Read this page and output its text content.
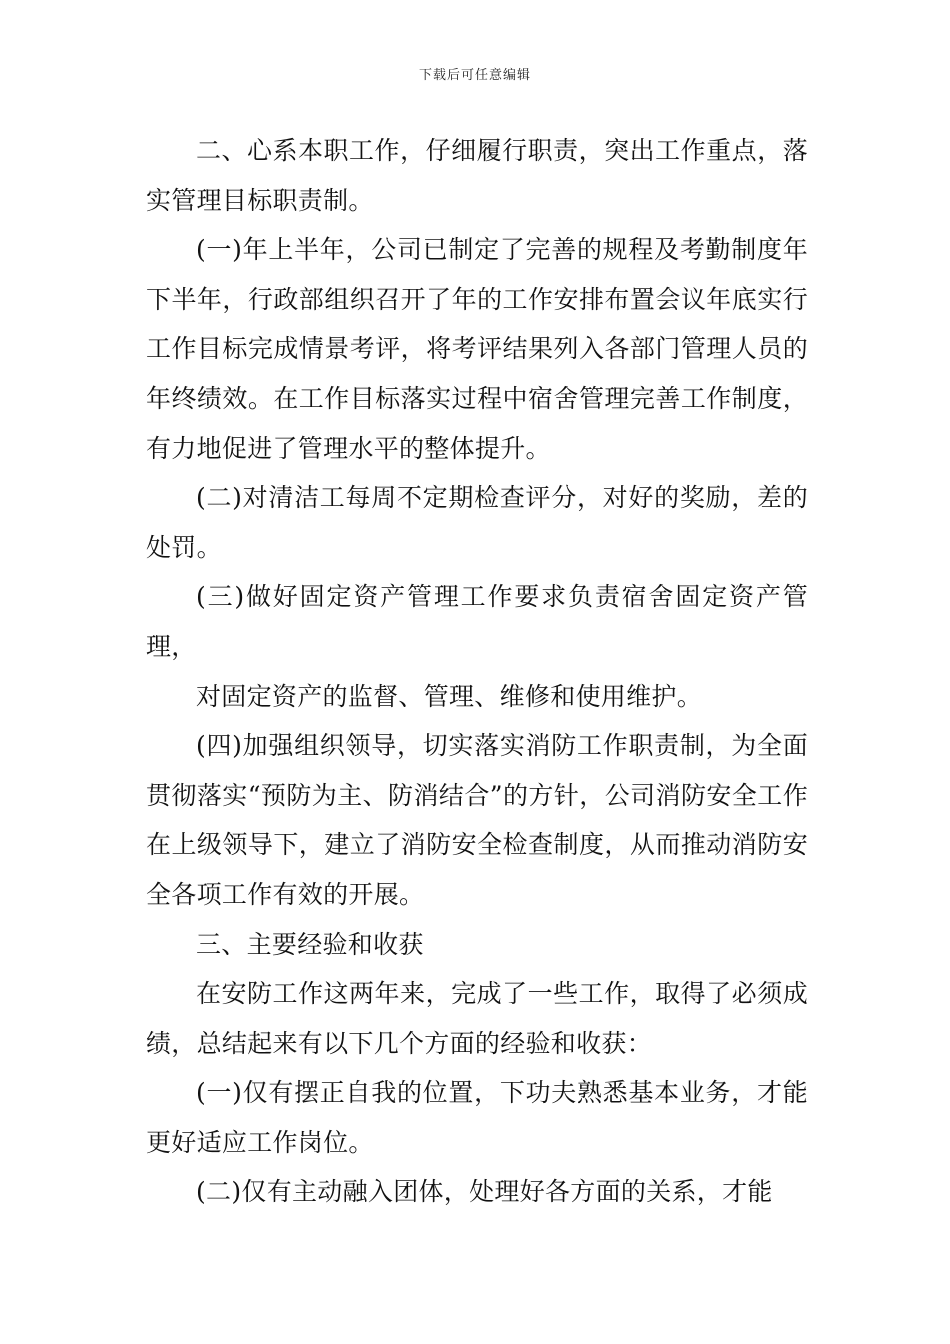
下载后可任意编辑

二、心系本职工作，仔细履行职责，突出工作重点，落实管理目标职责制。

(一)年上半年，公司已制定了完善的规程及考勤制度年下半年，行政部组织召开了年的工作安排布置会议年底实行工作目标完成情景考评，将考评结果列入各部门管理人员的年终绩效。在工作目标落实过程中宿舍管理完善工作制度，有力地促进了管理水平的整体提升。

(二)对清洁工每周不定期检查评分，对好的奖励，差的处罚。

(三)做好固定资产管理工作要求负责宿舍固定资产管理，

对固定资产的监督、管理、维修和使用维护。

(四)加强组织领导，切实落实消防工作职责制，为全面贯彻落实“预防为主、防消结合”的方针，公司消防安全工作在上级领导下，建立了消防安全检查制度，从而推动消防安全各项工作有效的开展。

三、主要经验和收获

在安防工作这两年来，完成了一些工作，取得了必须成绩，总结起来有以下几个方面的经验和收获：

(一)仅有摆正自我的位置，下功夫熟悉基本业务，才能更好适应工作岗位。

(二)仅有主动融入团体，处理好各方面的关系，才能
